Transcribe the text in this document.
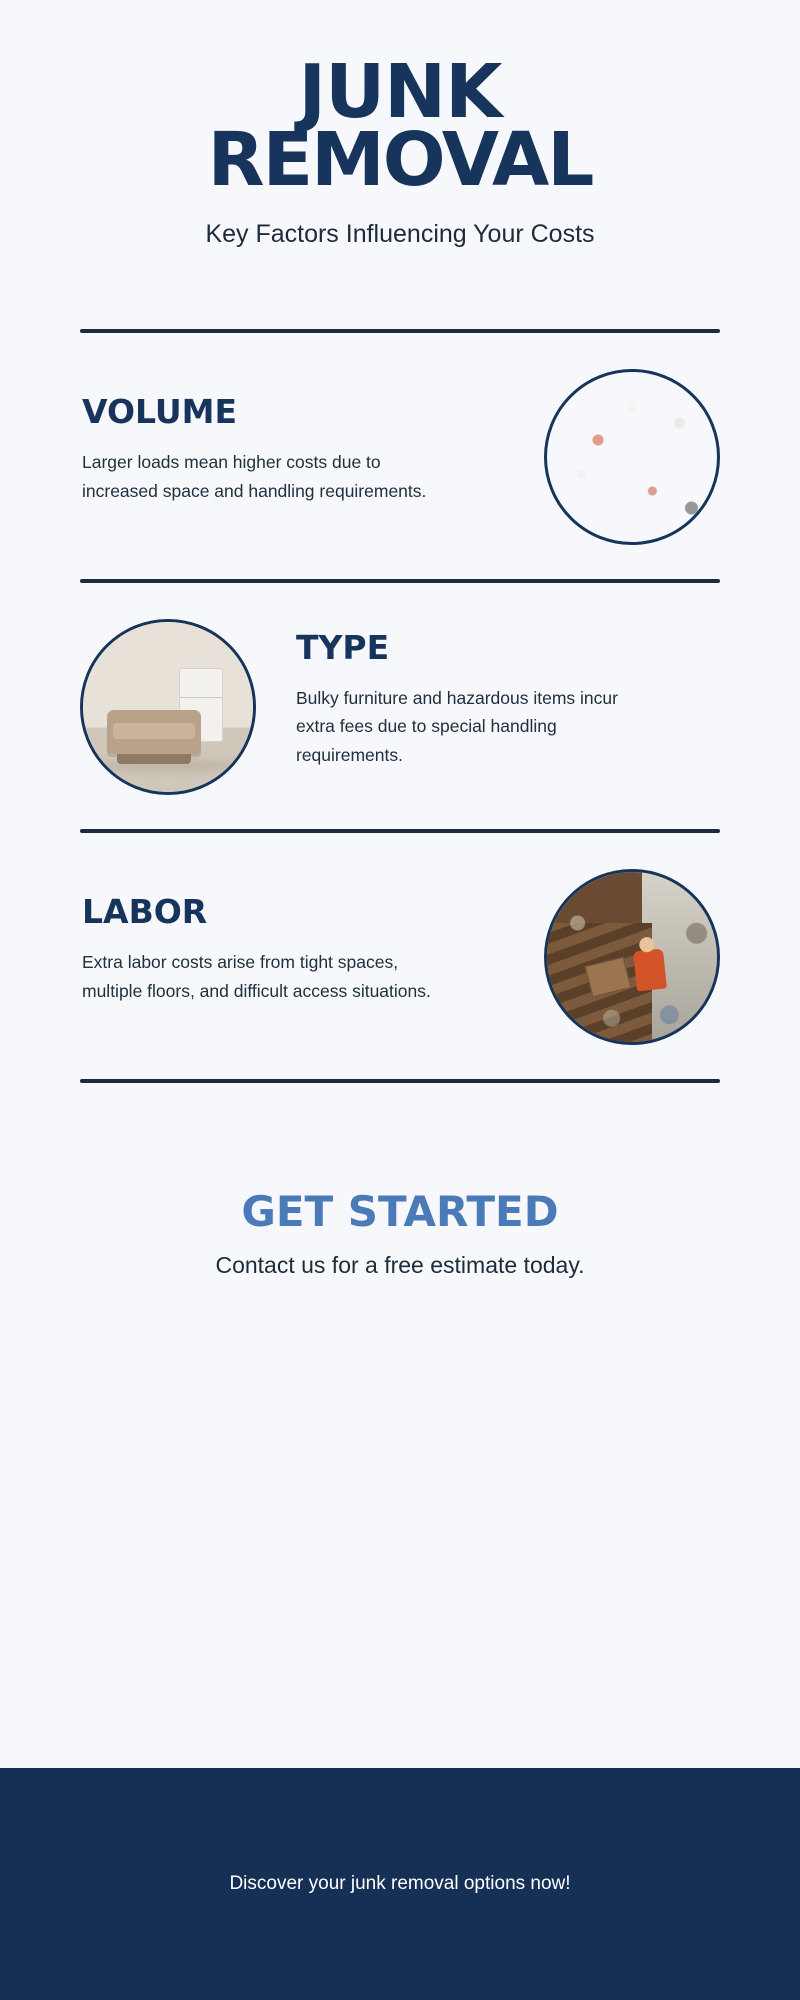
JUNK
REMOVAL
Key Factors Influencing Your Costs
VOLUME

Larger loads mean higher costs due to increased space and handling requirements.

TYPE

Bulky furniture and hazardous items incur extra fees due to special handling requirements.

LABOR

Extra labor costs arise from tight spaces, multiple floors, and difficult access situations.

GET STARTED
Contact us for a free estimate today.
Discover your junk removal options now!
